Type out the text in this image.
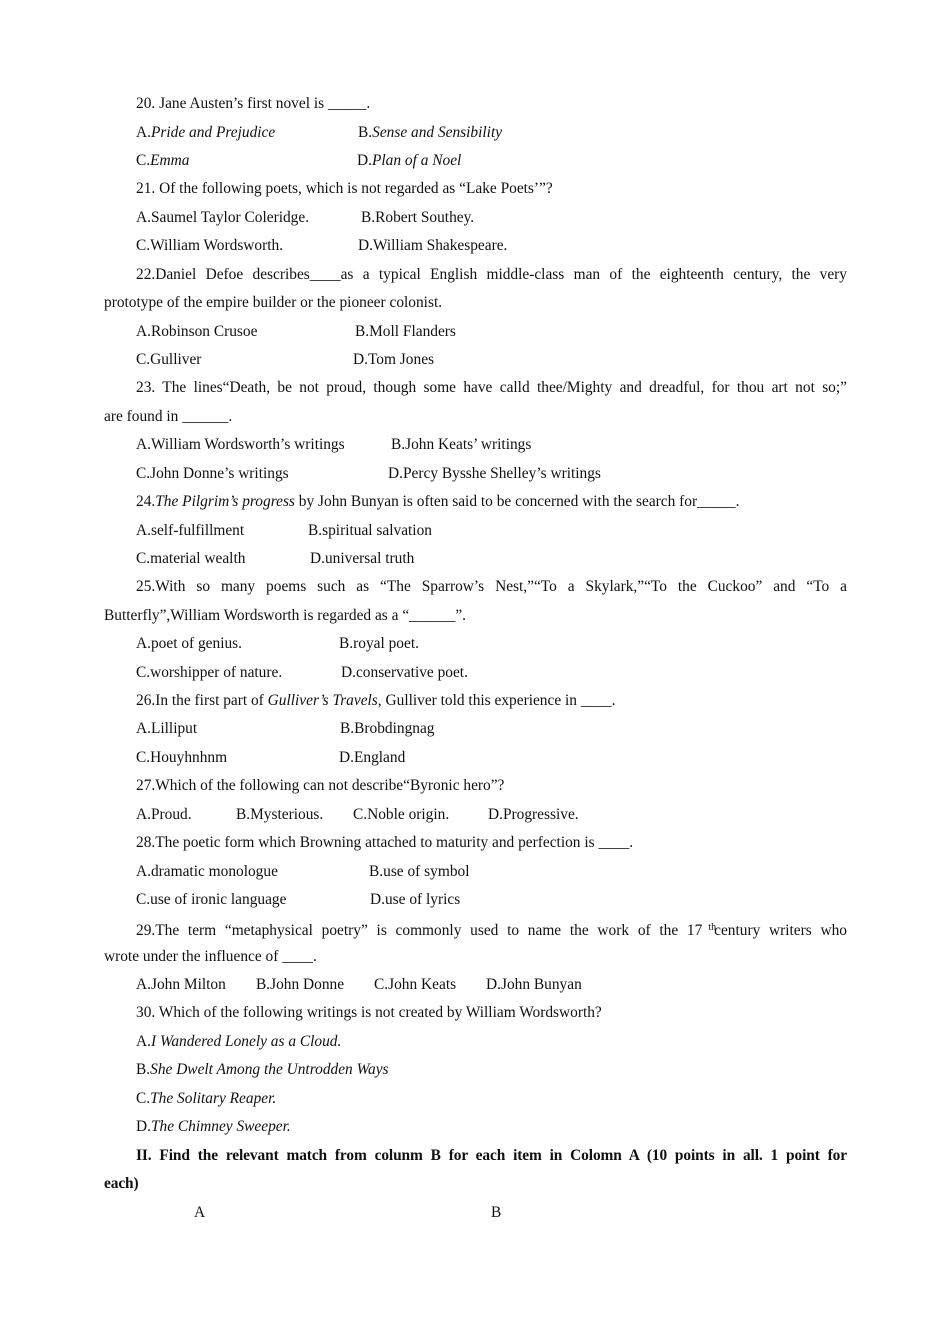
20. Jane Austen’s first novel is _____.
A.Pride and Prejudice	B.Sense and Sensibility
C.Emma	D.Plan of a Noel
21. Of the following poets, which is not regarded as “Lake Poets’”?
A.Saumel Taylor Coleridge.	B.Robert Southey.
C.William Wordsworth.	D.William Shakespeare.
22.Daniel Defoe describes____as a typical English middle-class man of the eighteenth century, the very
prototype of the empire builder or the pioneer colonist.
A.Robinson Crusoe	B.Moll Flanders
C.Gulliver	D.Tom Jones
23. The lines“Death, be not proud, though some have calld thee/Mighty and dreadful, for thou art not so;”
are found in ______.
A.William Wordsworth’s writings	B.John Keats’ writings
C.John Donne’s writings	D.Percy Bysshe Shelley’s writings
24.The Pilgrim’s progress by John Bunyan is often said to be concerned with the search for_____.
A.self-fulfillment	B.spiritual salvation
C.material wealth	D.universal truth
25.With so many poems such as “The Sparrow’s Nest,”“To a Skylark,”“To the Cuckoo” and “To a
Butterfly”,William Wordsworth is regarded as a “______”.
A.poet of genius.	B.royal poet.
C.worshipper of nature.	D.conservative poet.
26.In the first part of Gulliver’s Travels, Gulliver told this experience in ____.
A.Lilliput	B.Brobdingnag
C.Houyhnhnm	D.England
27.Which of the following can not describe“Byronic hero”?
A.Proud.	B.Mysterious. C.Noble origin.	D.Progressive.
28.The poetic form which Browning attached to maturity and perfection is ____.
A.dramatic monologue	B.use of symbol
C.use of ironic language	D.use of lyrics
29.The term “metaphysical poetry” is commonly used to name the work of the 17 $^{th}$century writers who
wrote under the influence of ____.
A.John Milton B.John Donne C.John Keats D.John Bunyan
30. Which of the following writings is not created by William Wordsworth?
A.I Wandered Lonely as a Cloud.
B.She Dwelt Among the Untrodden Ways
C.The Solitary Reaper.
D.The Chimney Sweeper.
II. Find the relevant match from colunm B for each item in Colomn A (10 points in all. 1 point for
each)
A	B
